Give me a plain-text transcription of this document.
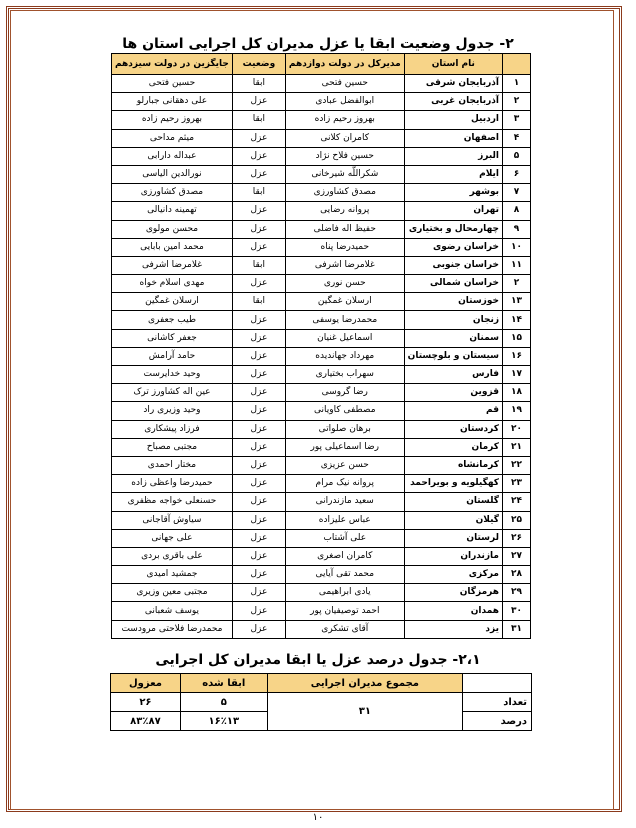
۲- جدول وضعیت ابقا یا عزل مدیران کل اجرایی استان ها
	نام استان	مدیرکل در دولت دوازدهم	وضعیت	جایگزین در دولت سیزدهم
۱	آذربایجان شرقی	حسین فتحی	ابقا	حسین فتحی
۲	آذربایجان غربی	ابوالفضل عبادی	عزل	علی دهقانی جبارلو
۳	اردبیل	بهروز رحیم زاده	ابقا	بهروز رحیم زاده
۴	اصفهان	کامران کلانی	عزل	میثم مداحی
۵	البرز	حسین فلاح نژاد	عزل	عبداله دارابی
۶	ایلام	شکراللّه شیرخانی	عزل	نورالدین الیاسی
۷	بوشهر	مصدق کشاورزی	ابقا	مصدق کشاورزی
۸	تهران	پروانه رضایی	عزل	تهمینه دانیالی
۹	چهارمحال و بختیاری	حفیظ اله فاضلی	عزل	محسن مولوی
۱۰	خراسان رضوی	حمیدرضا پناه	عزل	محمد امین بابایی
۱۱	خراسان جنوبی	غلامرضا اشرفی	ابقا	غلامرضا اشرفی
۲	خراسان شمالی	حسن نوری	عزل	مهدی اسلام خواه
۱۳	خوزستان	ارسلان غمگین	ابقا	ارسلان غمگین
۱۴	زنجان	محمدرضا یوسفی	عزل	طیب جعفری
۱۵	سمنان	اسماعیل غنیان	عزل	جعفر کاشانی
۱۶	سیستان و بلوچستان	مهرداد جهاندیده	عزل	حامد آرامش
۱۷	فارس	سهراب بختیاری	عزل	وحید خدایرست
۱۸	قزوین	رضا گروسی	عزل	عین اله کشاورز ترک
۱۹	قم	مصطفی کاویانی	عزل	وحید وزیری راد
۲۰	کردستان	برهان صلواتی	عزل	فرزاد پیشکاری
۲۱	کرمان	رضا اسماعیلی پور	عزل	مجتبی مصباح
۲۲	کرمانشاه	حسن عزیزی	عزل	مختار احمدی
۲۳	کهگیلویه و بویراحمد	پروانه نیک مرام	عزل	حمیدرضا واعظی زاده
۲۴	گلستان	سعید مازندرانی	عزل	حسنعلی خواجه مظفری
۲۵	گیلان	عباس علیزاده	عزل	سیاوش آقاجانی
۲۶	لرستان	علی آشتاب	عزل	علی جهانی
۲۷	مازندران	کامران اصغری	عزل	علی باقری بردی
۲۸	مرکزی	محمد تقی آیایی	عزل	جمشید امیدی
۲۹	هرمزگان	یادی ابراهیمی	عزل	مجتبی معین وزیری
۳۰	همدان	احمد توصیفیان پور	عزل	یوسف شعبانی
۳۱	یزد	آقای تشکری	عزل	محمدرضا فلاحتی مرودست
۲،۱- جدول درصد عزل یا ابقا مدیران کل اجرایی
	مجموع مدیران اجرایی	ابقا شده	معزول
تعداد	۳۱	۵	۲۶
درصد		۱۶٪۱۳	۸۳٪۸۷
۱۰
